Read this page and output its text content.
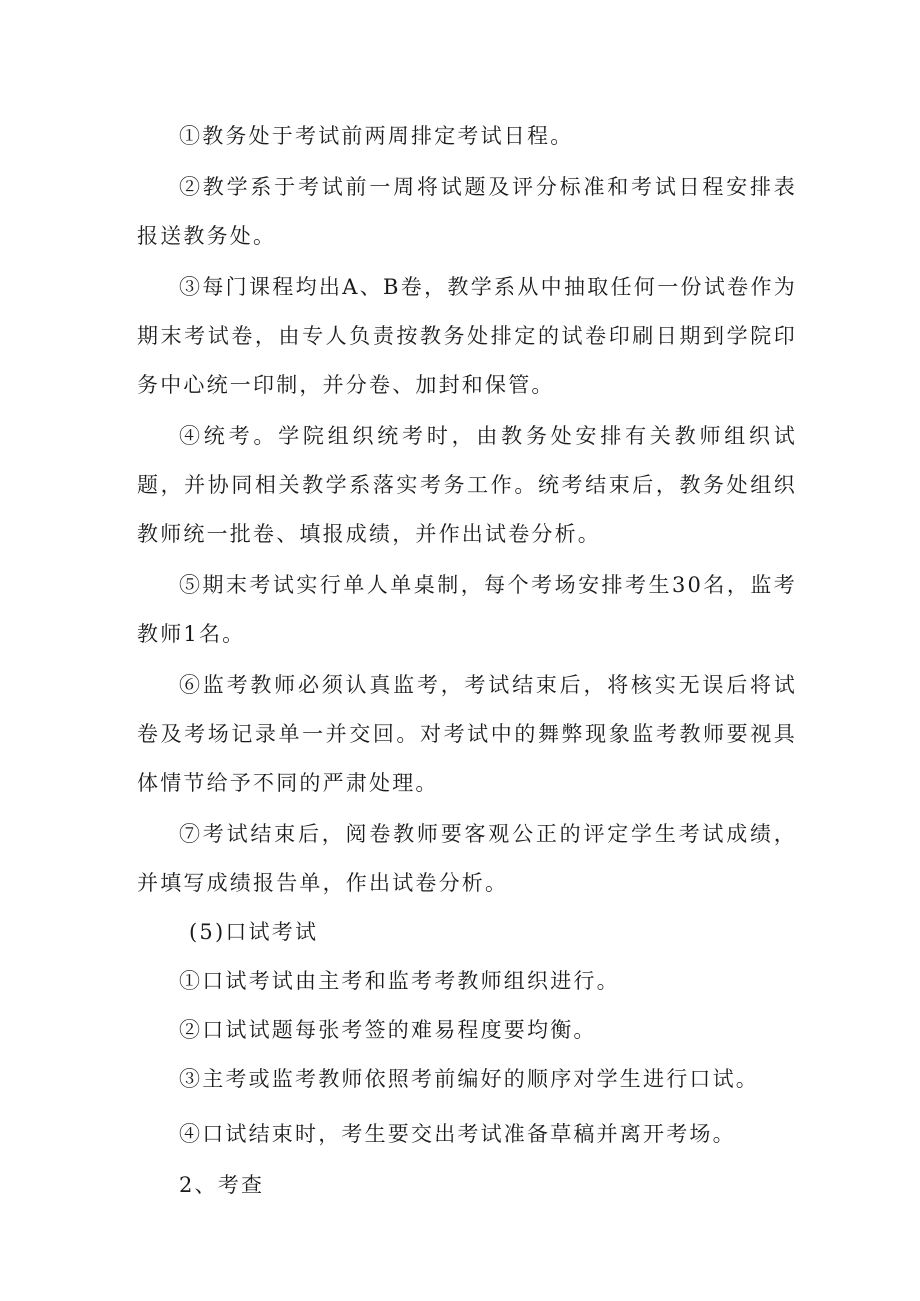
①教务处于考试前两周排定考试日程。

②教学系于考试前一周将试题及评分标准和考试日程安排表报送教务处。

③每门课程均出A、B卷，教学系从中抽取任何一份试卷作为期末考试卷，由专人负责按教务处排定的试卷印刷日期到学院印务中心统一印制，并分卷、加封和保管。

④统考。学院组织统考时，由教务处安排有关教师组织试题，并协同相关教学系落实考务工作。统考结束后，教务处组织教师统一批卷、填报成绩，并作出试卷分析。

⑤期末考试实行单人单桌制，每个考场安排考生30名，监考教师1名。

⑥监考教师必须认真监考，考试结束后，将核实无误后将试卷及考场记录单一并交回。对考试中的舞弊现象监考教师要视具体情节给予不同的严肃处理。

⑦考试结束后，阅卷教师要客观公正的评定学生考试成绩，并填写成绩报告单，作出试卷分析。

(5)口试考试

①口试考试由主考和监考考教师组织进行。

②口试试题每张考签的难易程度要均衡。

③主考或监考教师依照考前编好的顺序对学生进行口试。

④口试结束时，考生要交出考试准备草稿并离开考场。

2、考查
